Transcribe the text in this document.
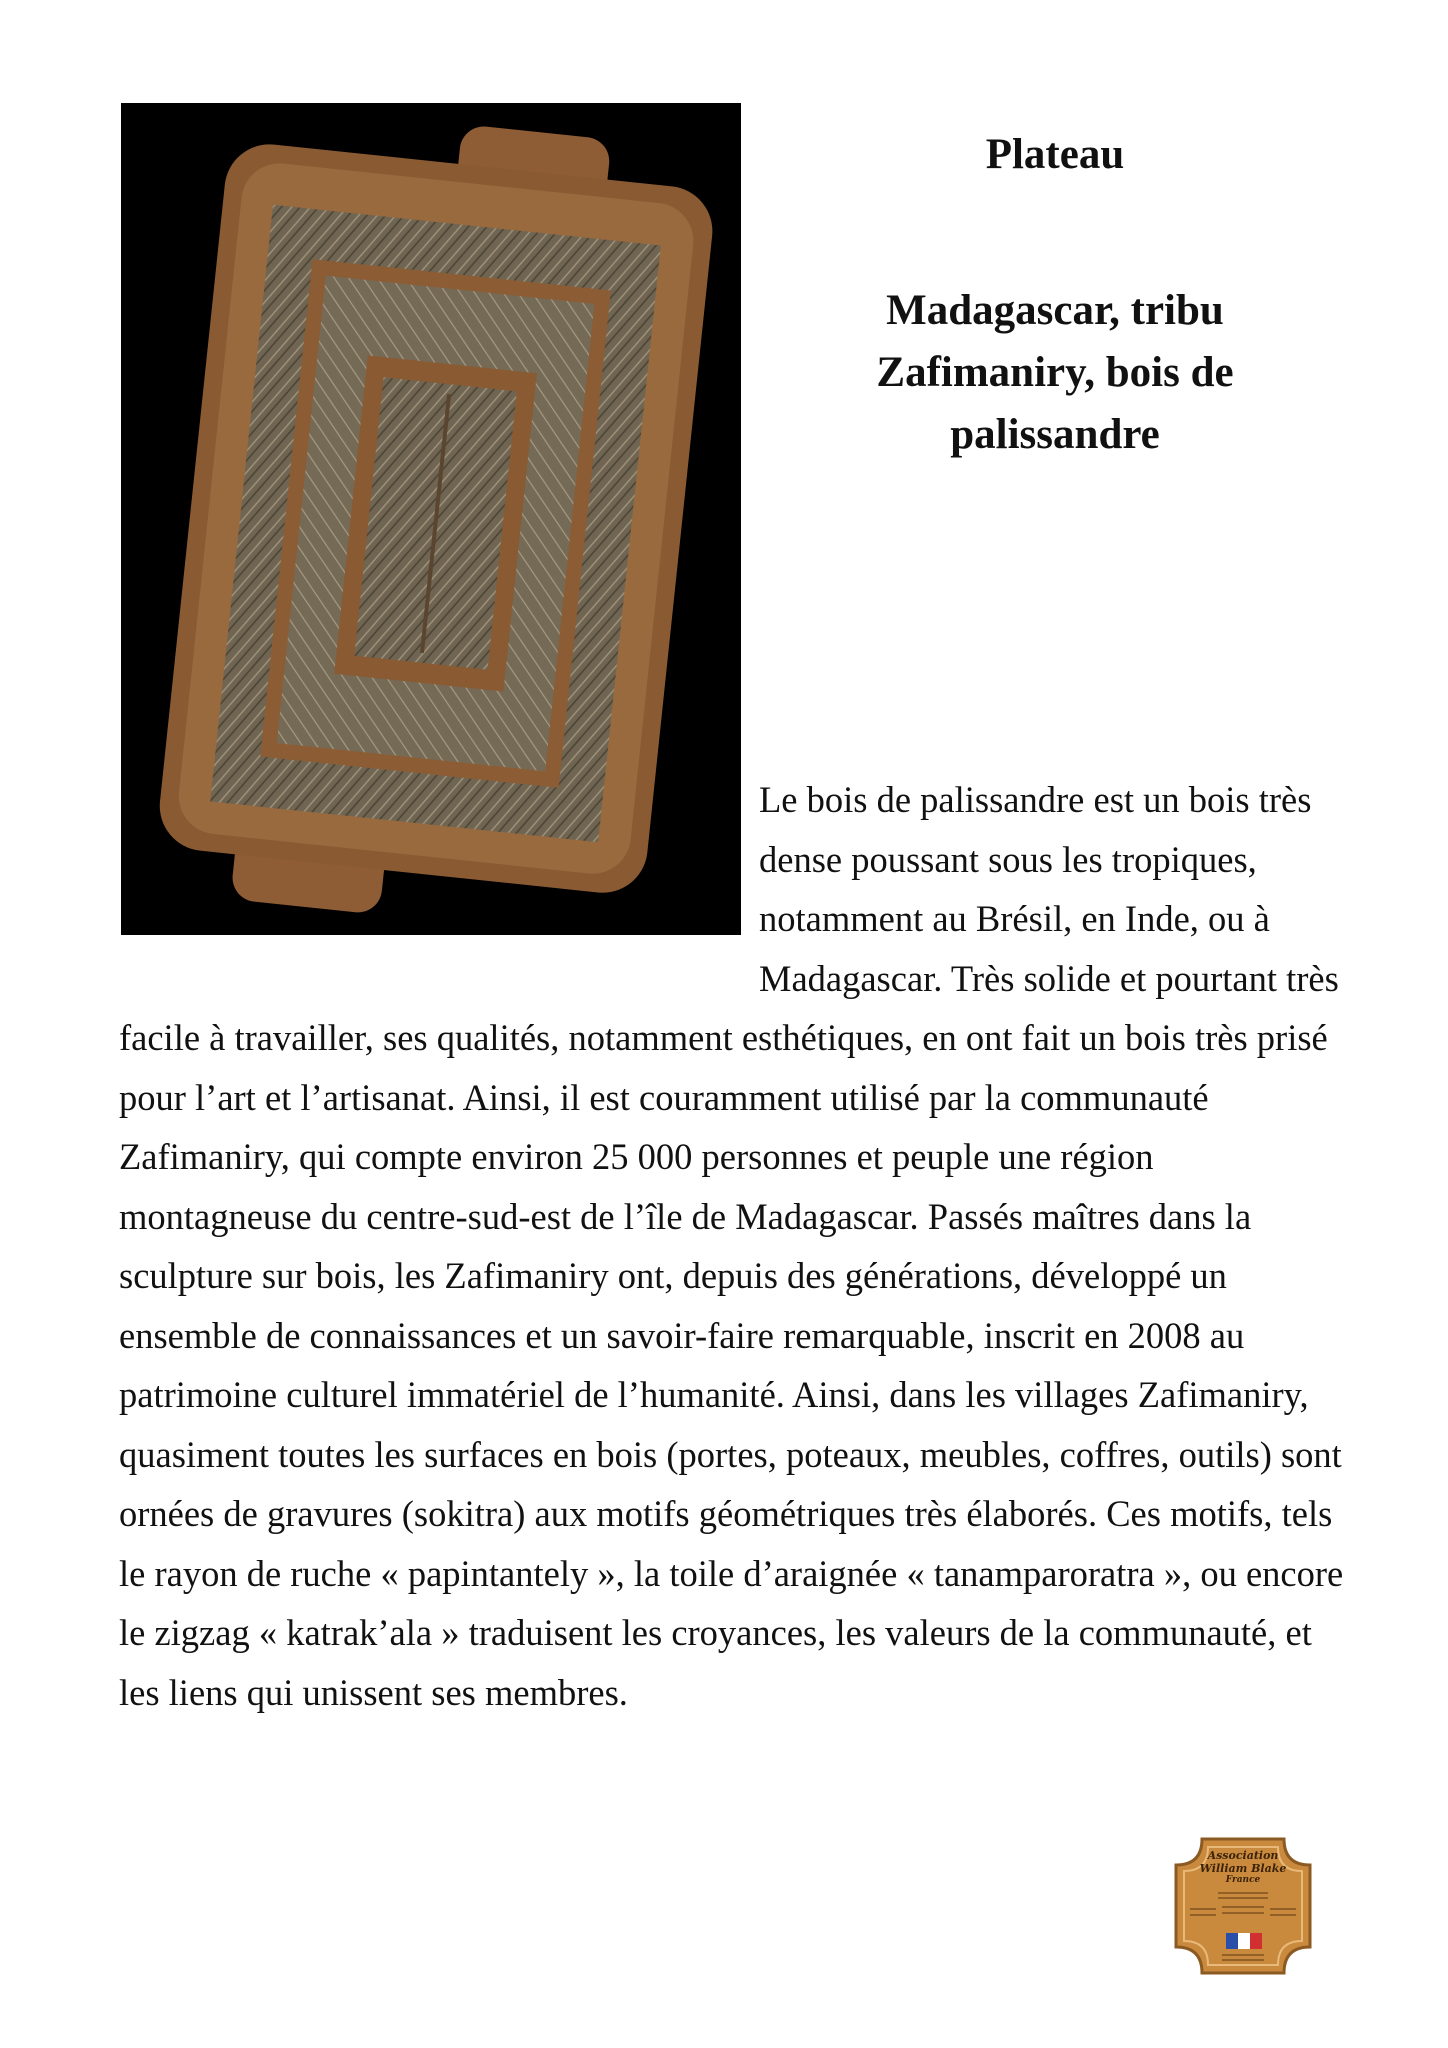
Plateau

Madagascar, tribu Zafimaniry, bois de palissandre

Le bois de palissandre est un bois très dense poussant sous les tropiques, notamment au Brésil, en Inde, ou à Madagascar. Très solide et pourtant très facile à travailler, ses qualités, notamment esthétiques, en ont fait un bois très prisé pour l’art et l’artisanat. Ainsi, il est couramment utilisé par la communauté Zafimaniry, qui compte environ 25 000 personnes et peuple une région montagneuse du centre-sud-est de l’île de Madagascar. Passés maîtres dans la sculpture sur bois, les Zafimaniry ont, depuis des générations, développé un ensemble de connaissances et un savoir-faire remarquable, inscrit en 2008 au patrimoine culturel immatériel de l’humanité. Ainsi, dans les villages Zafimaniry, quasiment toutes les surfaces en bois (portes, poteaux, meubles, coffres, outils) sont ornées de gravures (sokitra) aux motifs géométriques très élaborés. Ces motifs, tels le rayon de ruche « papintantely », la toile d’araignée « tanamparoratra », ou encore le zigzag « katrak’ala » traduisent les croyances, les valeurs de la communauté, et les liens qui unissent ses membres.
Association
William Blake
France
